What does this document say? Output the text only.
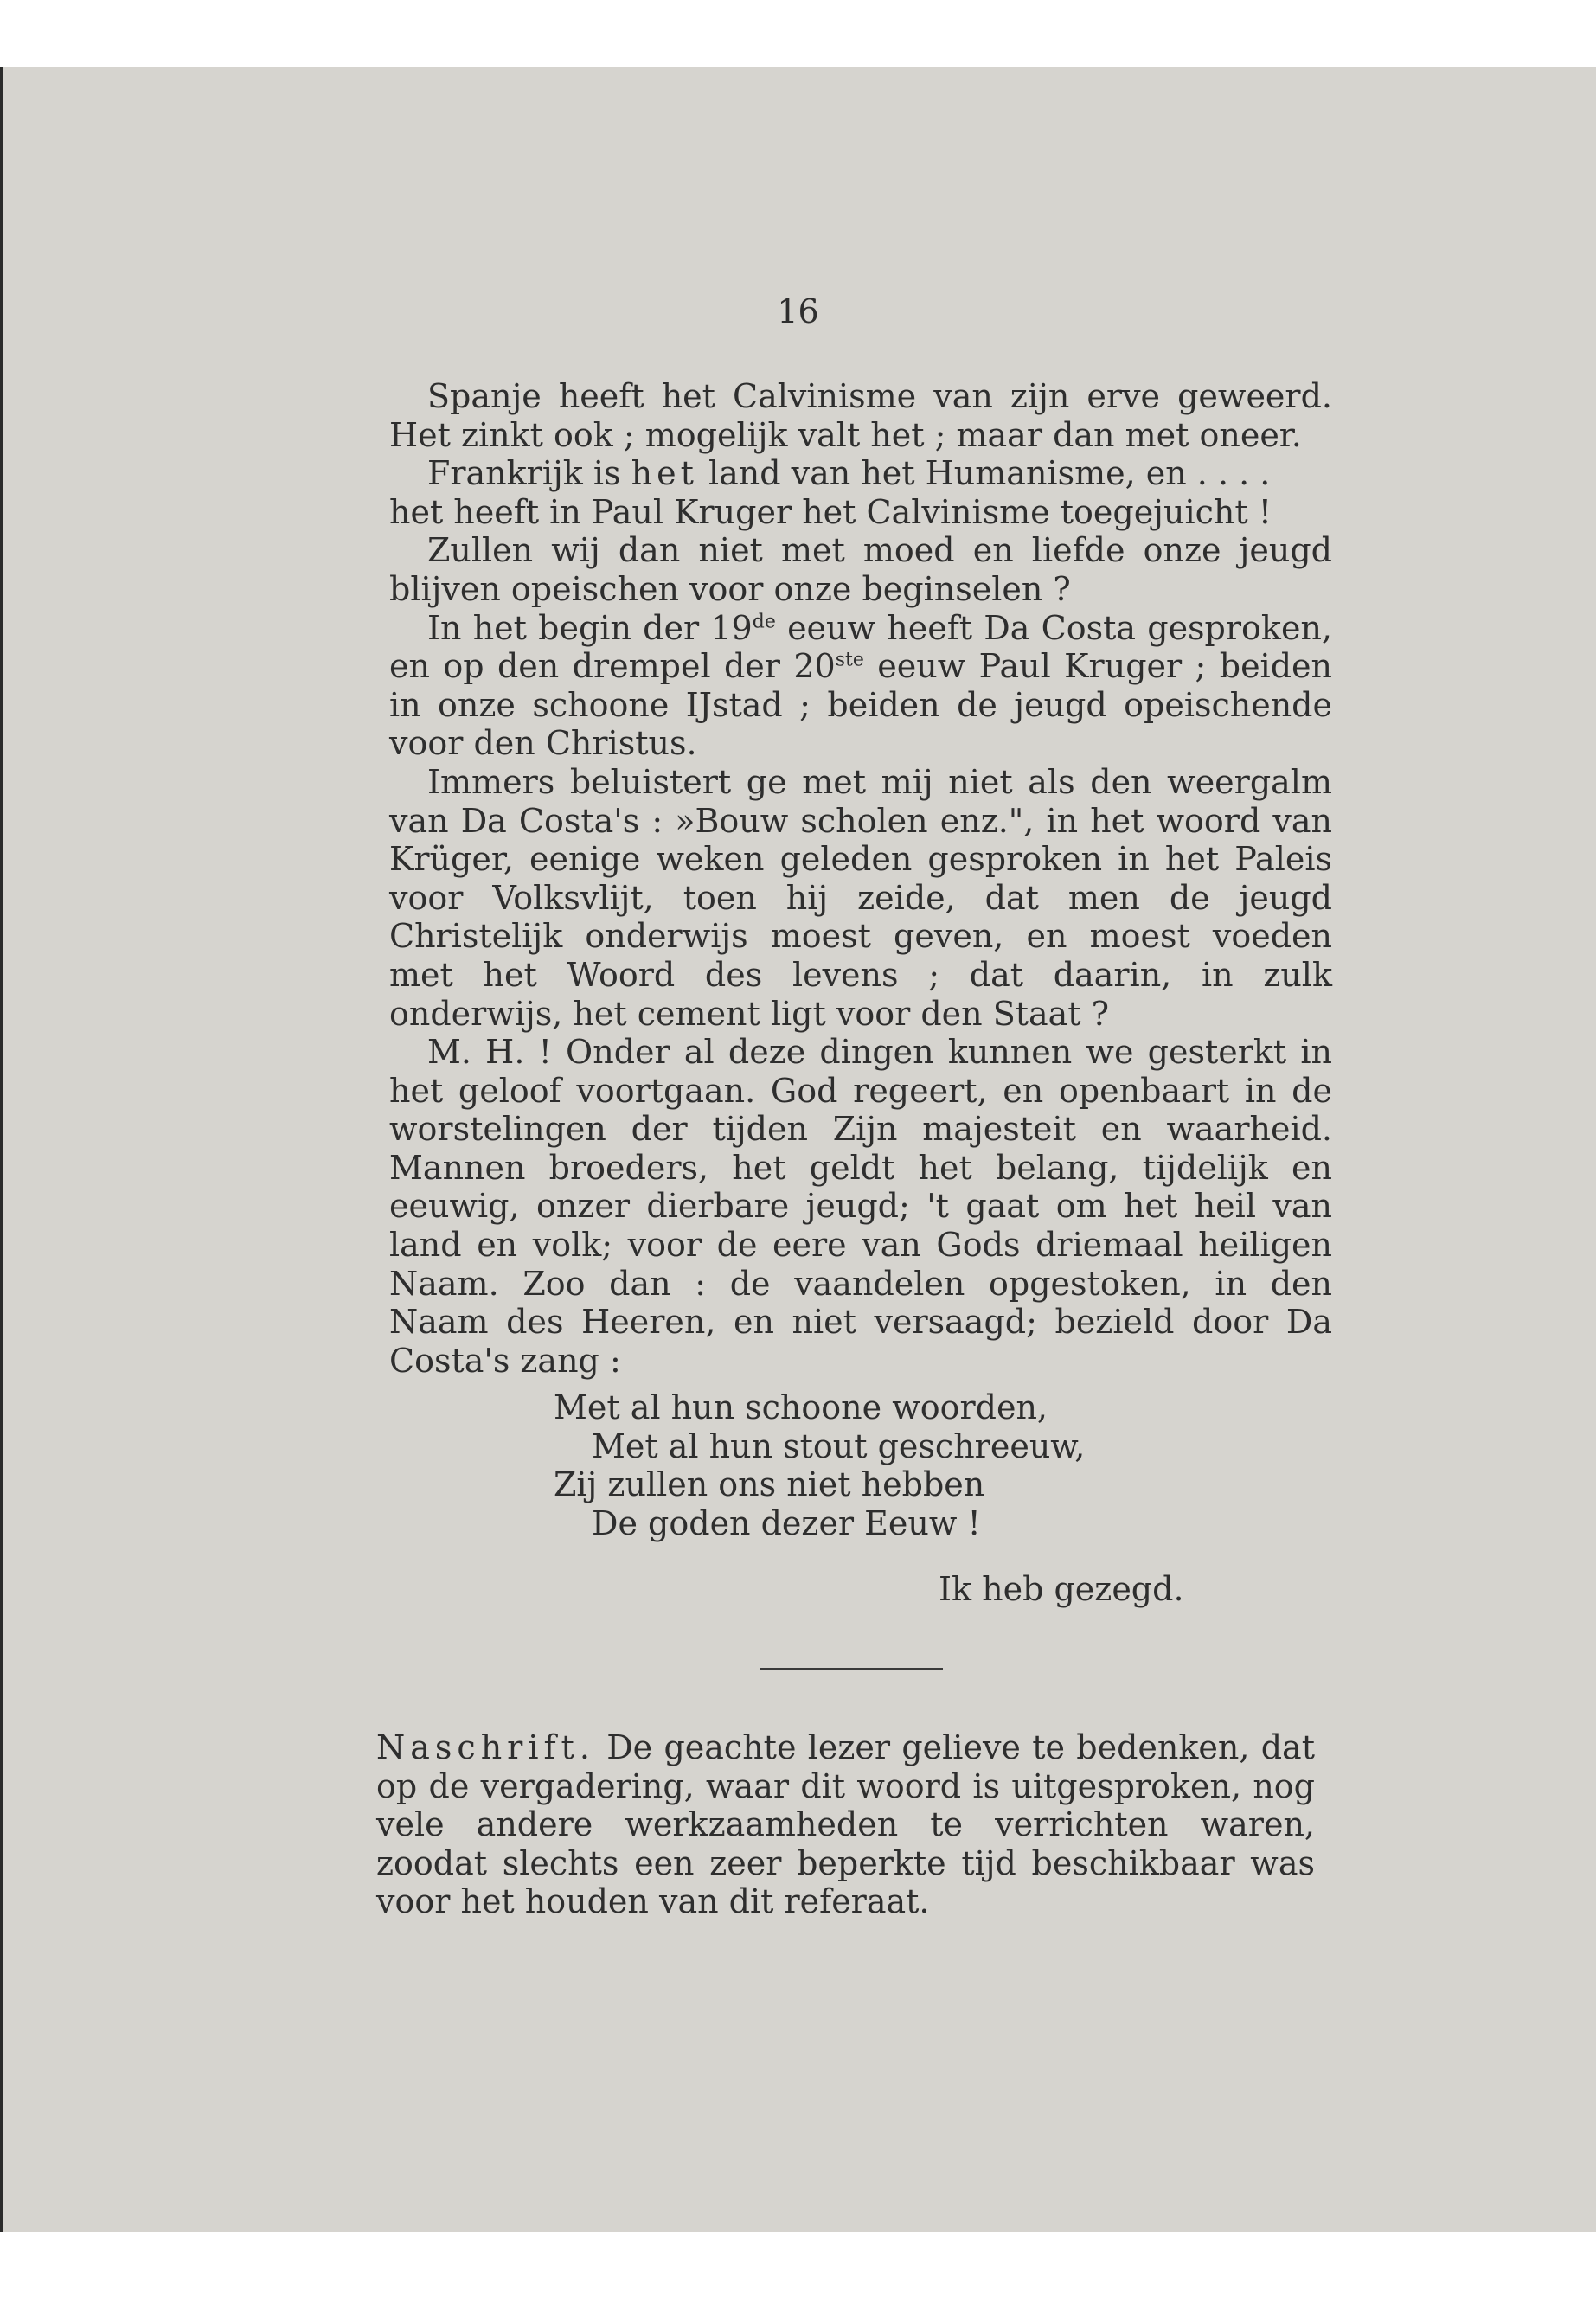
16

Spanje heeft het Calvinisme van zijn erve geweerd. Het zinkt ook ; mogelijk valt het ; maar dan met oneer.

Frankrijk is het land van het Humanisme, en . . . .

het heeft in Paul Kruger het Calvinisme toegejuicht !

Zullen wij dan niet met moed en liefde onze jeugd blijven opeischen voor onze beginselen ?

In het begin der 19de eeuw heeft Da Costa gesproken, en op den drempel der 20ste eeuw Paul Kruger ; beiden in onze schoone IJstad ; beiden de jeugd opeischende voor den Christus.

Immers beluistert ge met mij niet als den weergalm van Da Costa's : »Bouw scholen enz.", in het woord van Krüger, eenige weken geleden gesproken in het Paleis voor Volksvlijt, toen hij zeide, dat men de jeugd Christelijk onderwijs moest geven, en moest voeden met het Woord des levens ; dat daarin, in zulk onderwijs, het cement ligt voor den Staat ?

M. H. ! Onder al deze dingen kunnen we gesterkt in het geloof voortgaan. God regeert, en openbaart in de worstelingen der tijden Zijn majesteit en waarheid. Mannen broeders, het geldt het belang, tijdelijk en eeuwig, onzer dierbare jeugd; 't gaat om het heil van land en volk; voor de eere van Gods driemaal heiligen Naam. Zoo dan : de vaandelen opgestoken, in den Naam des Heeren, en niet versaagd; bezield door Da Costa's zang :

Met al hun schoone woorden,
Met al hun stout geschreeuw,
Zij zullen ons niet hebben
De goden dezer Eeuw !
Ik heb gezegd.

Naschrift. De geachte lezer gelieve te bedenken, dat op de vergadering, waar dit woord is uitgesproken, nog vele andere werkzaamheden te verrichten waren, zoodat slechts een zeer beperkte tijd beschikbaar was voor het houden van dit referaat.
